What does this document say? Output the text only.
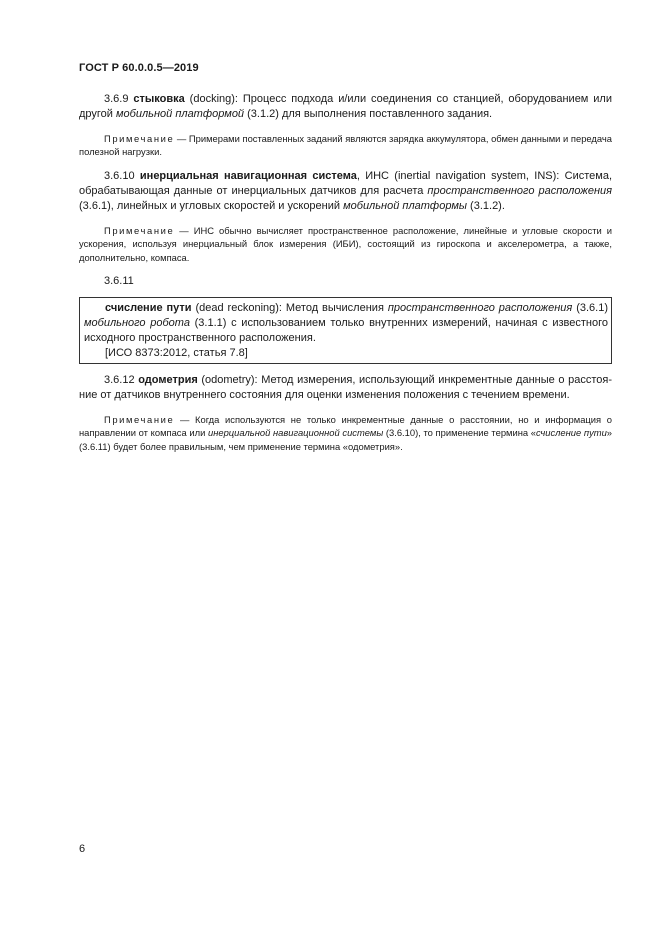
ГОСТ Р 60.0.0.5—2019

3.6.9 стыковка (docking): Процесс подхода и/или соединения со станцией, оборудованием или другой мобильной платформой (3.1.2) для выполнения поставленного задания.

Примечание — Примерами поставленных заданий являются зарядка аккумулятора, обмен данными и передача полезной нагрузки.

3.6.10 инерциальная навигационная система, ИНС (inertial navigation system, INS): Система, обрабатывающая данные от инерциальных датчиков для расчета пространственного расположения (3.6.1), линейных и угловых скоростей и ускорений мобильной платформы (3.1.2).

Примечание — ИНС обычно вычисляет пространственное расположение, линейные и угловые скорости и ускорения, используя инерциальный блок измерения (ИБИ), состоящий из гироскопа и акселерометра, а также, дополнительно, компаса.

3.6.11

счисление пути (dead reckoning): Метод вычисления пространственного расположения (3.6.1) мобильного робота (3.1.1) с использованием только внутренних измерений, начиная с известного исходного пространственного расположения.

[ИСО 8373:2012, статья 7.8]

3.6.12 одометрия (odometry): Метод измерения, использующий инкрементные данные о расстоя-ние от датчиков внутреннего состояния для оценки изменения положения с течением времени.

Примечание — Когда используются не только инкрементные данные о расстоянии, но и информация о направлении от компаса или инерциальной навигационной системы (3.6.10), то применение термина «счисление пути» (3.6.11) будет более правильным, чем применение термина «одометрия».

6
